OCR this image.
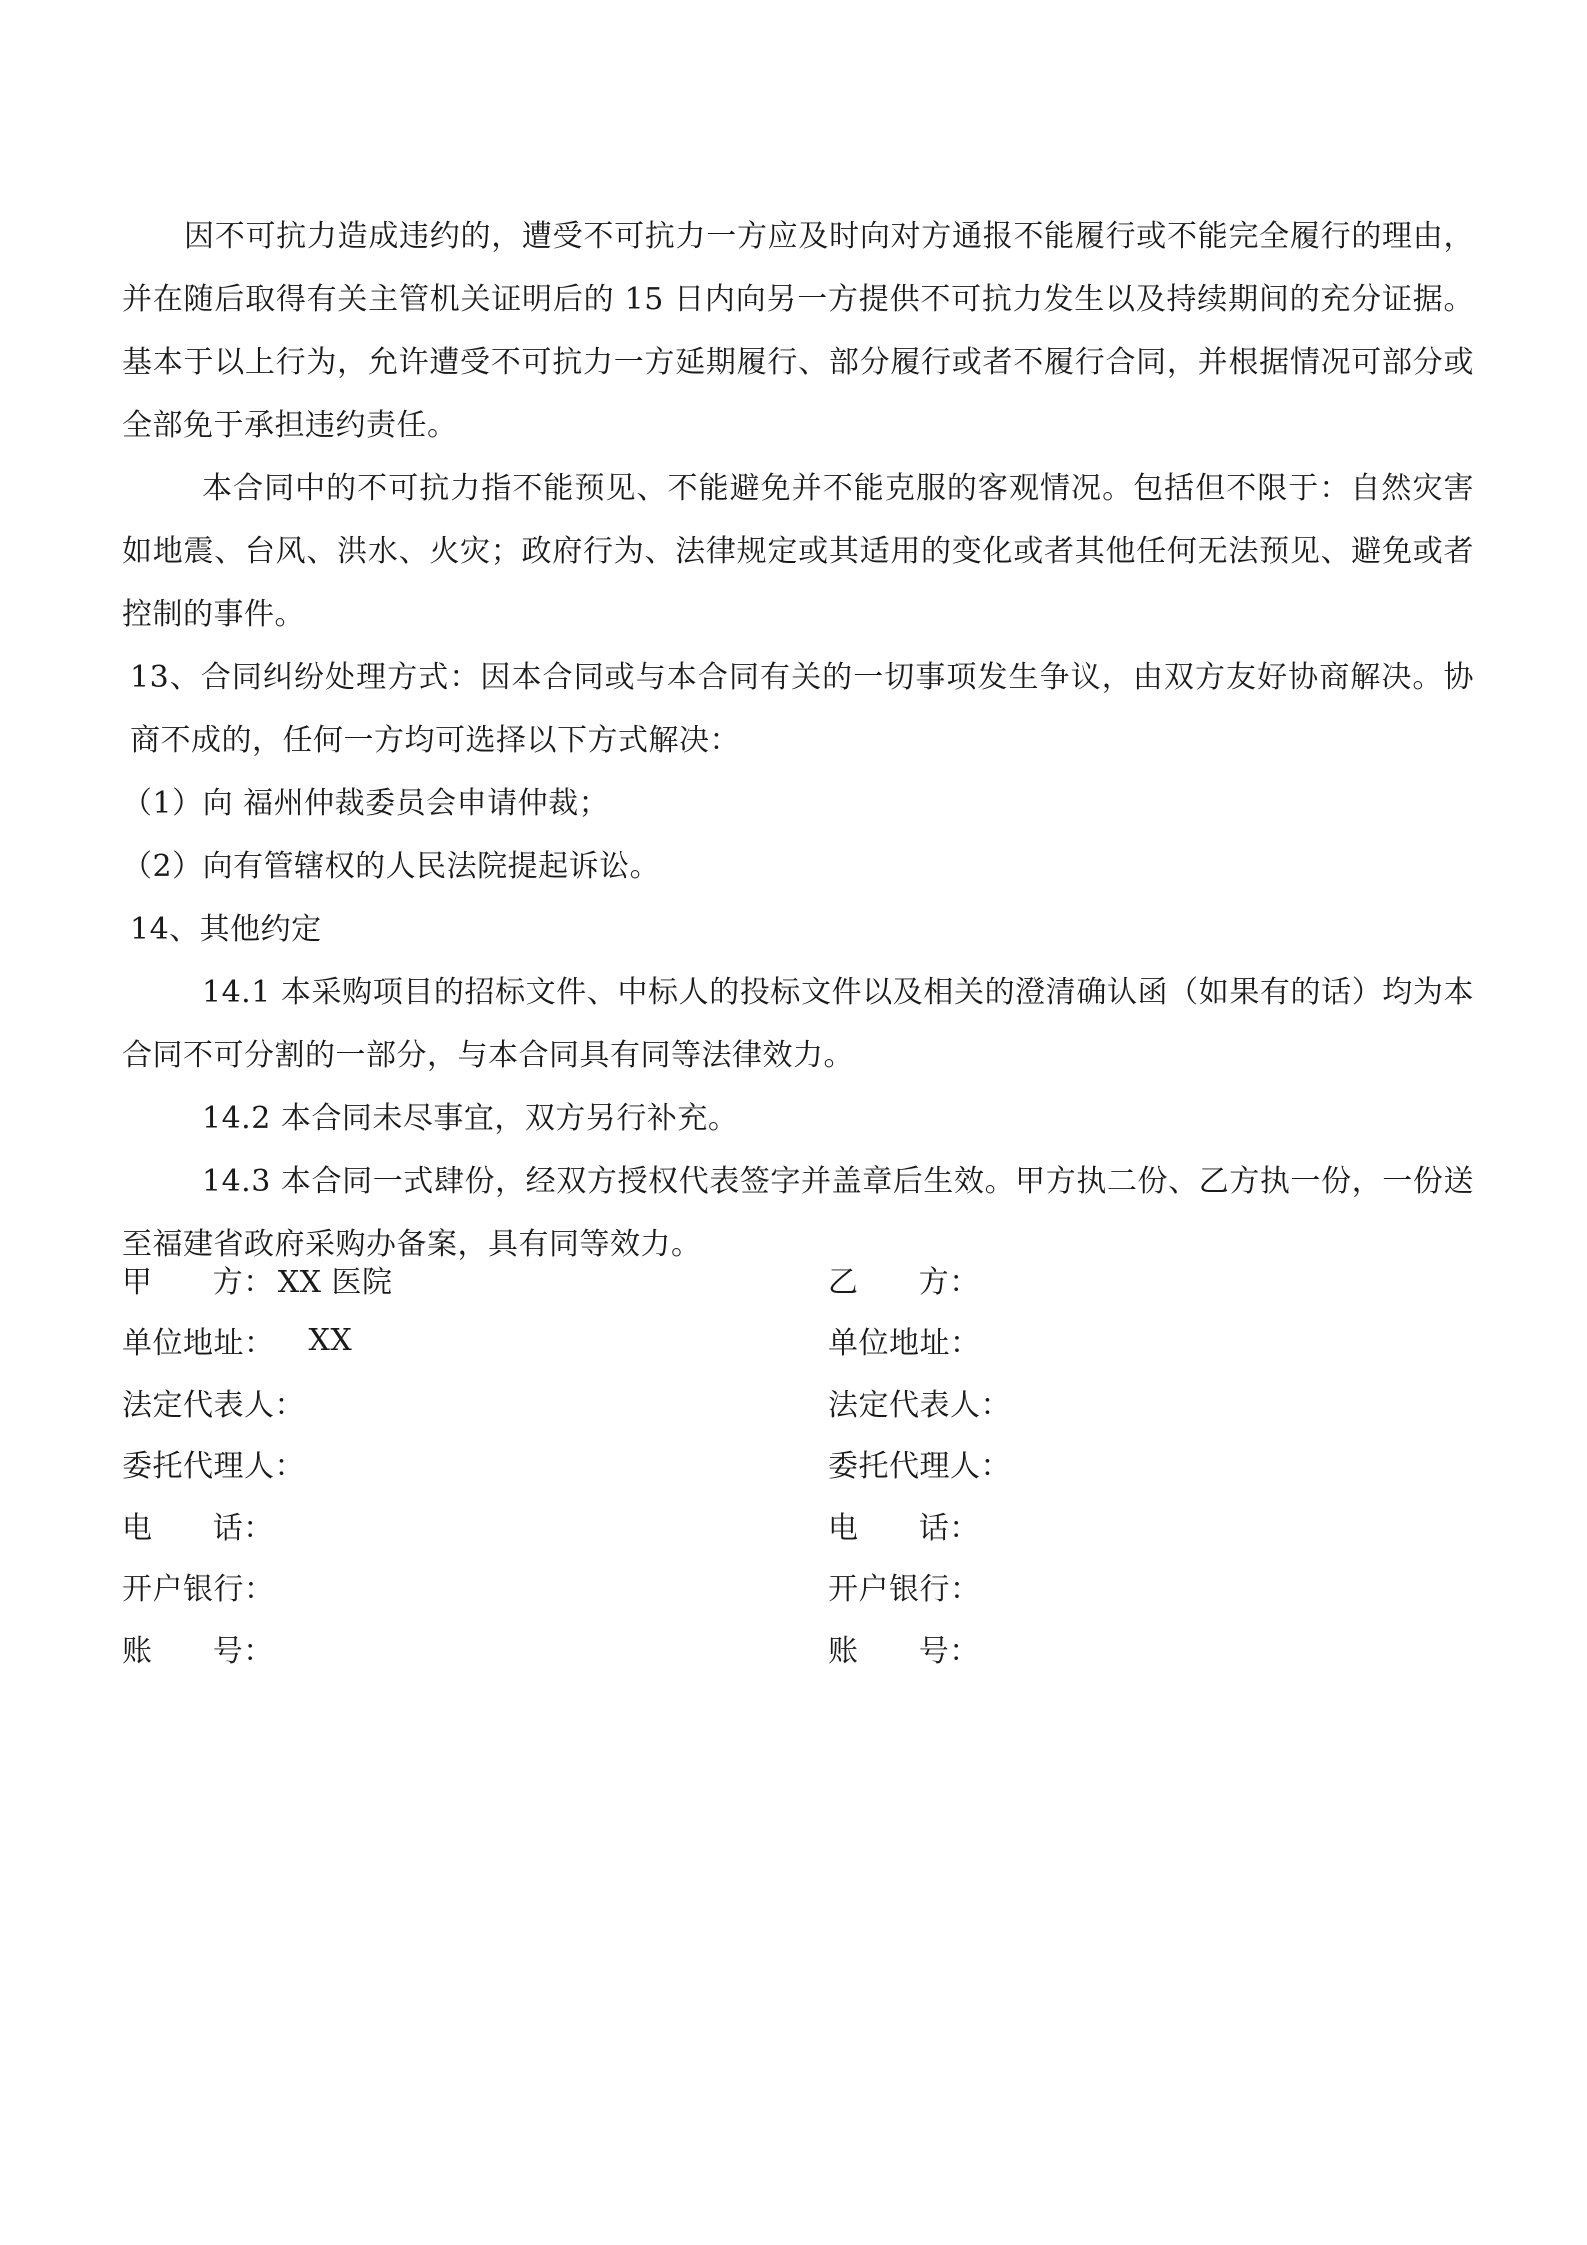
因不可抗力造成违约的，遭受不可抗力一方应及时向对方通报不能履行或不能完全履行的理由，并在随后取得有关主管机关证明后的 15 日内向另一方提供不可抗力发生以及持续期间的充分证据。基本于以上行为，允许遭受不可抗力一方延期履行、部分履行或者不履行合同，并根据情况可部分或全部免于承担违约责任。

本合同中的不可抗力指不能预见、不能避免并不能克服的客观情况。包括但不限于：自然灾害如地震、台风、洪水、火灾；政府行为、法律规定或其适用的变化或者其他任何无法预见、避免或者控制的事件。

13、合同纠纷处理方式：因本合同或与本合同有关的一切事项发生争议，由双方友好协商解决。协商不成的，任何一方均可选择以下方式解决：

（1）向 福州仲裁委员会申请仲裁；

（2）向有管辖权的人民法院提起诉讼。

14、其他约定

14.1 本采购项目的招标文件、中标人的投标文件以及相关的澄清确认函（如果有的话）均为本合同不可分割的一部分，与本合同具有同等法律效力。

14.2 本合同未尽事宜，双方另行补充。

14.3 本合同一式肆份，经双方授权代表签字并盖章后生效。甲方执二份、乙方执一份，一份送至福建省政府采购办备案，具有同等效力。

甲      方： XX 医院	乙      方：
单位地址： XX	单位地址：
法定代表人：	法定代表人：
委托代理人：	委托代理人：
电      话：	电      话：
开户银行：	开户银行：
账      号：	账      号：
